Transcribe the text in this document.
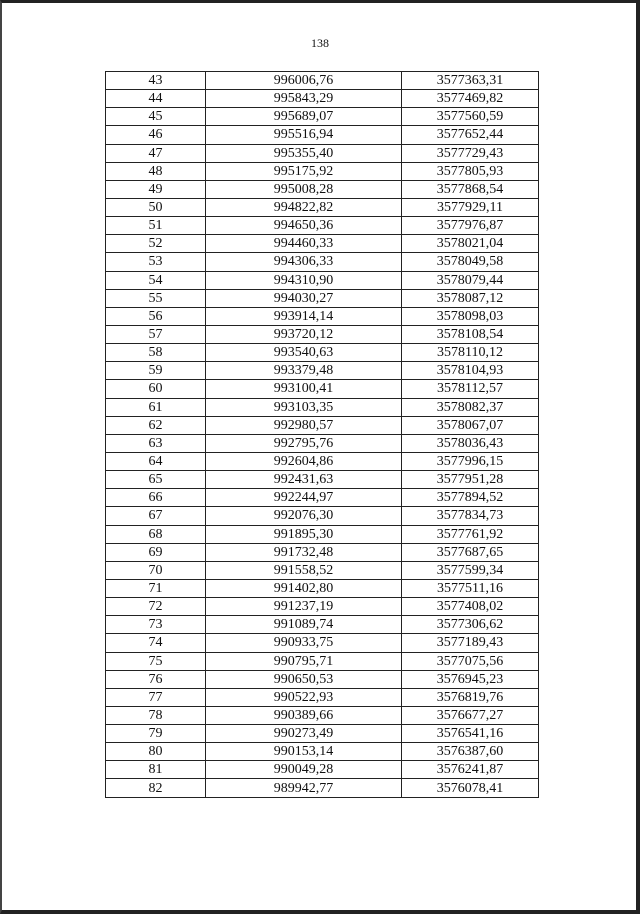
138
43	996006,76	3577363,31
44	995843,29	3577469,82
45	995689,07	3577560,59
46	995516,94	3577652,44
47	995355,40	3577729,43
48	995175,92	3577805,93
49	995008,28	3577868,54
50	994822,82	3577929,11
51	994650,36	3577976,87
52	994460,33	3578021,04
53	994306,33	3578049,58
54	994310,90	3578079,44
55	994030,27	3578087,12
56	993914,14	3578098,03
57	993720,12	3578108,54
58	993540,63	3578110,12
59	993379,48	3578104,93
60	993100,41	3578112,57
61	993103,35	3578082,37
62	992980,57	3578067,07
63	992795,76	3578036,43
64	992604,86	3577996,15
65	992431,63	3577951,28
66	992244,97	3577894,52
67	992076,30	3577834,73
68	991895,30	3577761,92
69	991732,48	3577687,65
70	991558,52	3577599,34
71	991402,80	3577511,16
72	991237,19	3577408,02
73	991089,74	3577306,62
74	990933,75	3577189,43
75	990795,71	3577075,56
76	990650,53	3576945,23
77	990522,93	3576819,76
78	990389,66	3576677,27
79	990273,49	3576541,16
80	990153,14	3576387,60
81	990049,28	3576241,87
82	989942,77	3576078,41
